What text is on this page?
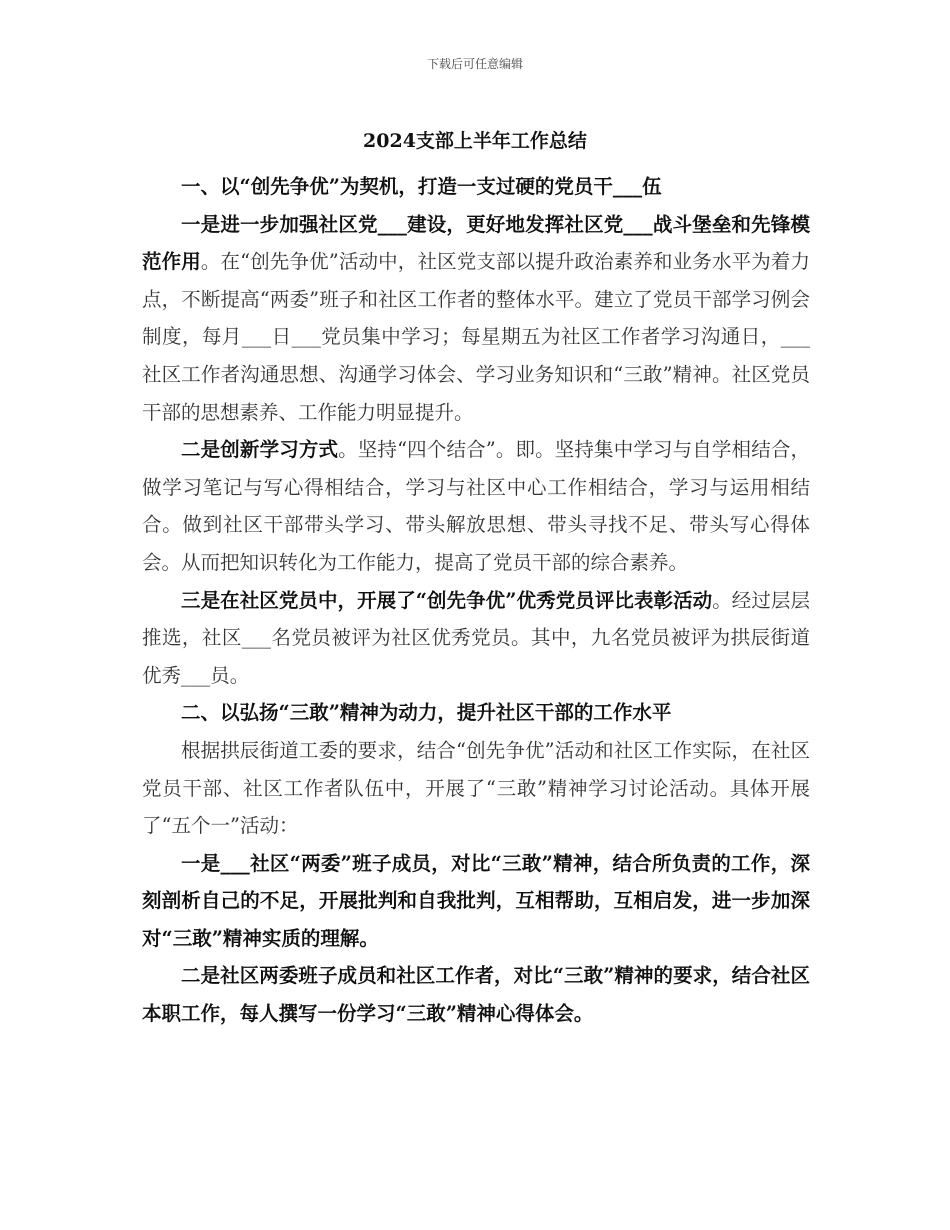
下载后可任意编辑
2024支部上半年工作总结

一、以“创先争优”为契机，打造一支过硬的党员干___伍

一是进一步加强社区党___建设，更好地发挥社区党___战斗堡垒和先锋模范作用。在“创先争优”活动中，社区党支部以提升政治素养和业务水平为着力点，不断提高“两委”班子和社区工作者的整体水平。建立了党员干部学习例会制度，每月___日___党员集中学习；每星期五为社区工作者学习沟通日，___社区工作者沟通思想、沟通学习体会、学习业务知识和“三敢”精神。社区党员干部的思想素养、工作能力明显提升。

二是创新学习方式。坚持“四个结合”。即。坚持集中学习与自学相结合，做学习笔记与写心得相结合，学习与社区中心工作相结合，学习与运用相结合。做到社区干部带头学习、带头解放思想、带头寻找不足、带头写心得体会。从而把知识转化为工作能力，提高了党员干部的综合素养。

三是在社区党员中，开展了“创先争优”优秀党员评比表彰活动。经过层层推选，社区___名党员被评为社区优秀党员。其中，九名党员被评为拱辰街道优秀___员。

二、以弘扬“三敢”精神为动力，提升社区干部的工作水平

根据拱辰街道工委的要求，结合“创先争优”活动和社区工作实际，在社区党员干部、社区工作者队伍中，开展了“三敢”精神学习讨论活动。具体开展了“五个一”活动：

一是___社区“两委”班子成员，对比“三敢”精神，结合所负责的工作，深刻剖析自己的不足，开展批判和自我批判，互相帮助，互相启发，进一步加深对“三敢”精神实质的理解。

二是社区两委班子成员和社区工作者，对比“三敢”精神的要求，结合社区本职工作，每人撰写一份学习“三敢”精神心得体会。
